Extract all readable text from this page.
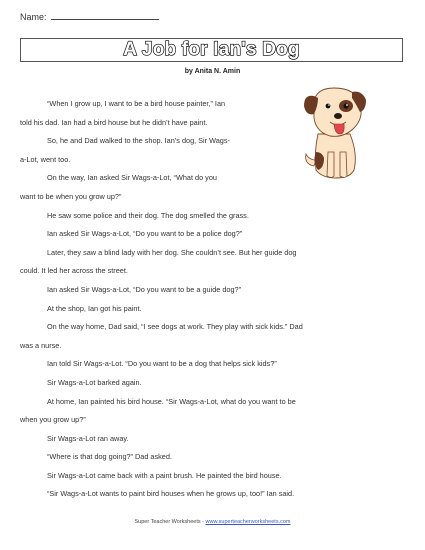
Name:
A Job for Ian's Dog
by Anita N. Amin

“When I grow up, I want to be a bird house painter,” Ian

told his dad. Ian had a bird house but he didn’t have paint.

So, he and Dad walked to the shop. Ian’s dog, Sir Wags-

a-Lot, went too.

On the way, Ian asked Sir Wags-a-Lot, “What do you

want to be when you grow up?”

He saw some police and their dog. The dog smelled the grass.

Ian asked Sir Wags-a-Lot, “Do you want to be a police dog?”

Later, they saw a blind lady with her dog. She couldn’t see. But her guide dog

could. It led her across the street.

Ian asked Sir Wags-a-Lot, “Do you want to be a guide dog?”

At the shop, Ian got his paint.

On the way home, Dad said, “I see dogs at work. They play with sick kids.” Dad

was a nurse.

Ian told Sir Wags-a-Lot. “Do you want to be a dog that helps sick kids?”

Sir Wags-a-Lot barked again.

At home, Ian painted his bird house. “Sir Wags-a-Lot, what do you want to be

when you grow up?”

Sir Wags-a-Lot ran away.

“Where is that dog going?” Dad asked.

Sir Wags-a-Lot came back with a paint brush. He painted the bird house.

“Sir Wags-a-Lot wants to paint bird houses when he grows up, too!” Ian said.

Super Teacher Worksheets - www.superteacherworksheets.com
